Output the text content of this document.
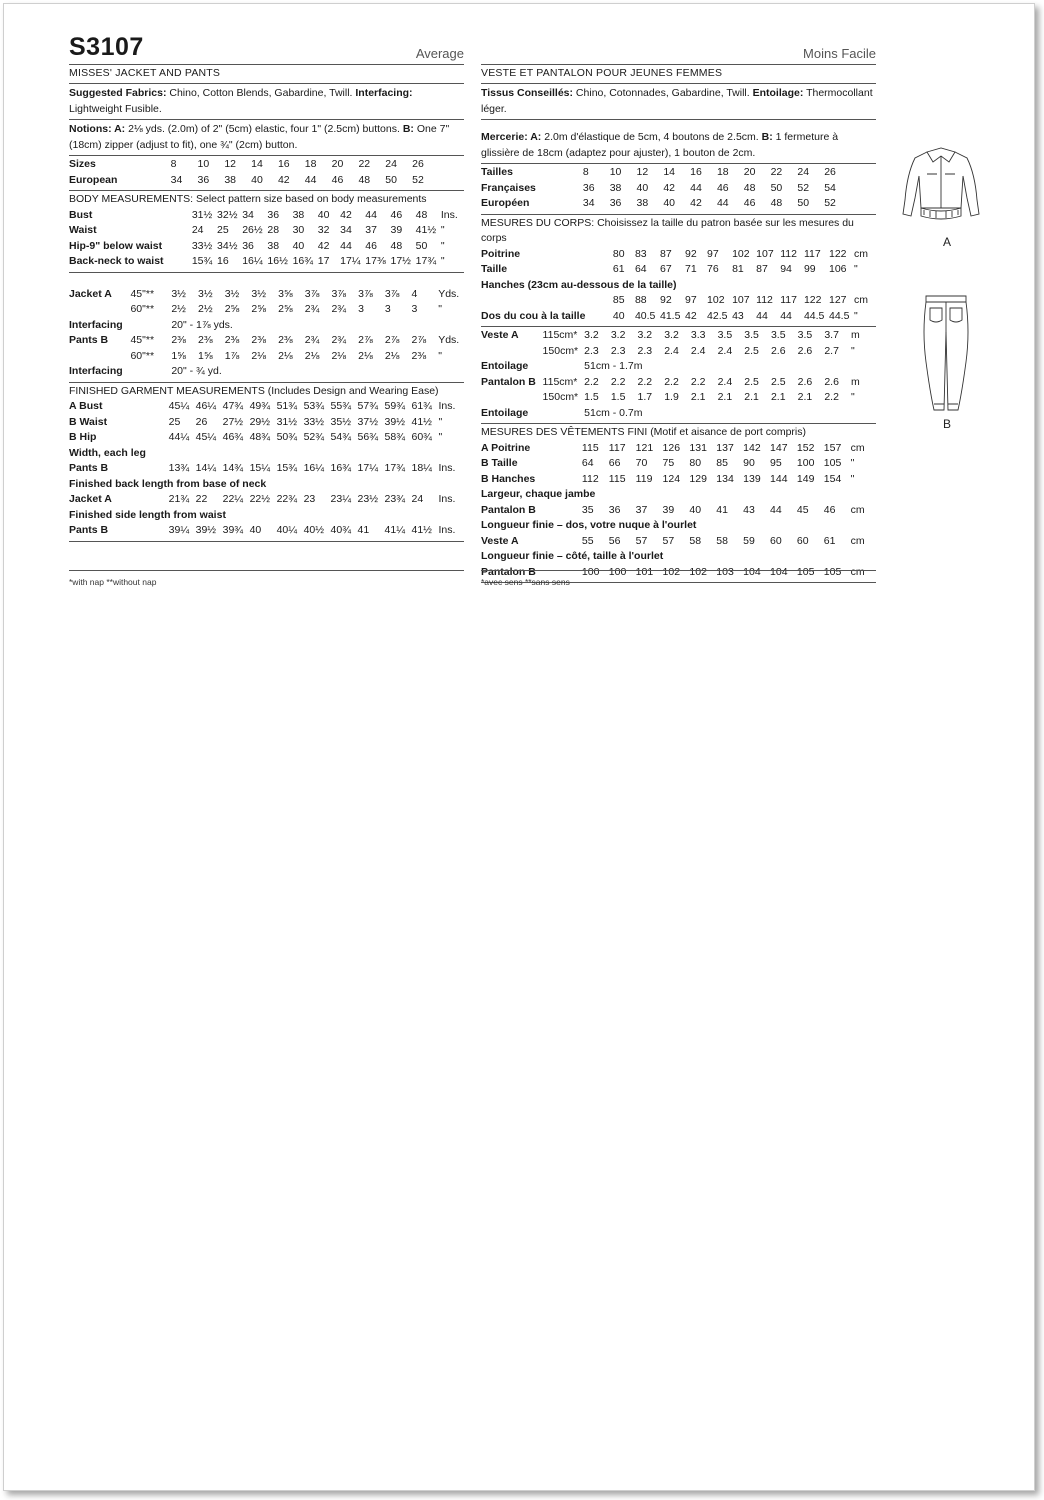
S3107	Average
MISSES' JACKET AND PANTS
Suggested Fabrics: Chino, Cotton Blends, Gabardine, Twill. Interfacing: Lightweight Fusible.
Notions: A: 2⅛ yds. (2.0m) of 2" (5cm) elastic, four 1" (2.5cm) buttons. B: One 7" (18cm) zipper (adjust to fit), one ¾" (2cm) button.
Sizes		8	10	12	14	16	18	20	22	24	26	
European		34	36	38	40	42	44	46	48	50	52	
BODY MEASUREMENTS: Select pattern size based on body measurements
Bust		31½	32½	34	36	38	40	42	44	46	48	Ins.
Waist		24	25	26½	28	30	32	34	37	39	41½	"
Hip-9" below waist		33½	34½	36	38	40	42	44	46	48	50	"
Back-neck to waist		15¾	16	16¼	16½	16¾	17	17¼	17⅜	17½	17¾	"
Jacket A	45"**	3½	3½	3½	3½	3⅝	3⅞	3⅞	3⅞	3⅞	4	Yds.
	60"**	2½	2½	2⅝	2⅝	2⅝	2¾	2¾	3	3	3	"
Interfacing		20" - 1⅞ yds.										
Pants B	45"**	2⅜	2⅜	2⅜	2⅜	2⅜	2¾	2¾	2⅞	2⅞	2⅞	Yds.
	60"**	1⅝	1⅝	1⅞	2⅛	2⅛	2⅛	2⅛	2⅛	2⅛	2⅜	"
Interfacing		20" - ¾ yd.										
FINISHED GARMENT MEASUREMENTS (Includes Design and Wearing Ease)
A Bust		45¼	46¼	47¾	49¾	51¾	53¾	55¾	57¾	59¾	61¾	Ins.
B Waist		25	26	27½	29½	31½	33½	35½	37½	39½	41½	"
B Hip		44¼	45¼	46¾	48¾	50¾	52¾	54¾	56¾	58¾	60¾	"
Width, each leg												
Pants B		13¾	14¼	14¾	15¼	15¾	16¼	16¾	17¼	17¾	18¼	Ins.
Finished back length from base of neck												
Jacket A		21¾	22	22¼	22½	22¾	23	23¼	23½	23¾	24	Ins.
Finished side length from waist												
Pants B		39¼	39½	39¾	40	40¼	40½	40¾	41	41¼	41½	Ins.
Moins Facile
VESTE ET PANTALON POUR JEUNES FEMMES
Tissus Conseillés: Chino, Cotonnades, Gabardine, Twill. Entoilage: Thermocollant léger.
Mercerie: A: 2.0m d'élastique de 5cm, 4 boutons de 2.5cm. B: 1 fermeture à glissière de 18cm (adaptez pour ajuster), 1 bouton de 2cm.
Tailles		8	10	12	14	16	18	20	22	24	26	
Françaises		36	38	40	42	44	46	48	50	52	54	
Européen		34	36	38	40	42	44	46	48	50	52	
MESURES DU CORPS: Choisissez la taille du patron basée sur les mesures du corps
Poitrine		80	83	87	92	97	102	107	112	117	122	cm
Taille		61	64	67	71	76	81	87	94	99	106	"
Hanches (23cm au-dessous de la taille)												
		85	88	92	97	102	107	112	117	122	127	cm
Dos du cou à la taille		40	40.5	41.5	42	42.5	43	44	44	44.5	44.5	"
Veste A	115cm*	3.2	3.2	3.2	3.2	3.3	3.5	3.5	3.5	3.5	3.7	m
	150cm*	2.3	2.3	2.3	2.4	2.4	2.4	2.5	2.6	2.6	2.7	"
Entoilage		51cm - 1.7m										
Pantalon B	115cm*	2.2	2.2	2.2	2.2	2.2	2.4	2.5	2.5	2.6	2.6	m
	150cm*	1.5	1.5	1.7	1.9	2.1	2.1	2.1	2.1	2.1	2.2	"
Entoilage		51cm - 0.7m										
MESURES DES VÊTEMENTS FINI (Motif et aisance de port compris)
A Poitrine		115	117	121	126	131	137	142	147	152	157	cm
B Taille		64	66	70	75	80	85	90	95	100	105	"
B Hanches		112	115	119	124	129	134	139	144	149	154	"
Largeur, chaque jambe												
Pantalon B		35	36	37	39	40	41	43	44	45	46	cm
Longueur finie – dos, votre nuque à l'ourlet												
Veste A		55	56	57	57	58	58	59	60	60	61	cm
Longueur finie – côté, taille à l'ourlet												
Pantalon B		100	100	101	102	102	103	104	104	105	105	cm
*with nap **without nap	*avec sens **sans sens
A
B
